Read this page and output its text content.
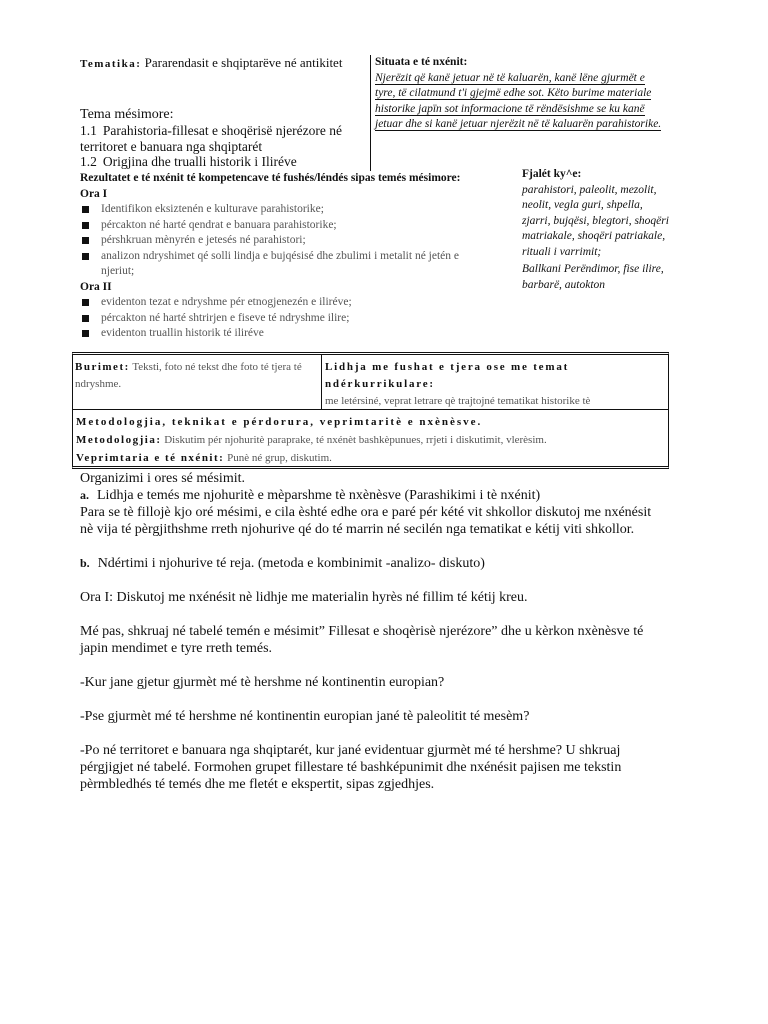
Tematika: Pararendasit e shqiptarëve né antikitet
Tema mésimore:
1.1 Parahistoria-fillesat e shoqërisë njerézore né territoret e banuara nga shqiptarét
1.2 Origjina dhe trualli historik i Iliréve
Situata e té nxénit:
Njerëzit që kanë jetuar në të kaluarën, kanë lëne gjurmët e tyre, të cilatmund t'i gjejmë edhe sot. Këto burime materiale historike japïn sot informacione të rëndësishme se ku kanë jetuar dhe si kanë jetuar njerëzit në të kaluarën parahistorike.
Rezultatet e té nxénit té kompetencave té fushés/léndés sipas temés mésimore:
Ora I
Identifikon eksiztenén e kulturave parahistorike;
pércakton né harté qendrat e banuara parahistorike;
pérshkruan mènyrén e jetesés né parahistori;
analizon ndryshimet qé solli lindja e bujqésisé dhe zbulimi i metalit né jetén e njeriut;
Ora II
evidenton tezat e ndryshme pér etnogjenezén e iliréve;
pércakton né harté shtrirjen e fiseve té ndryshme ilire;
evidenton truallin historik té iliréve
Fjalét ky^e:
parahistori, paleolit, mezolit, neolit, vegla guri, shpella, zjarri, bujqësi, blegtori, shoqëri matriakale, shoqëri patriakale, rituali i varrimit;
Ballkani Perëndimor, fise ilire, barbarë, autokton
Burimet: Teksti, foto né tekst dhe foto té tjera té ndryshme.
Lidhja me fushat e tjera ose me temat ndérkurrikulare:
me letérsiné, veprat letrare qè trajtojné tematikat historike tè
Metodologjia, teknikat e pérdorura, veprimtaritè e nxènèsve.
Metodologjia: Diskutim pér njohuritè paraprake, té nxénèt bashkèpunues, rrjeti i diskutimit, vlerèsim.
Veprimtaria e té nxénit: Punè né grup, diskutim.

Organizimi i ores sé mésimit.

a. Lidhja e temés me njohuritè e mèparshme tè nxènèsve (Parashikimi i tè nxénit)

Para se tè fillojè kjo oré mésimi, e cila èshté edhe ora e paré pér kété vit shkollor diskutoj me nxénésit nè vija té pèrgjithshme rreth njohurive qé do té marrin né secilén nga tematikat e kétij viti shkollor.

b. Ndértimi i njohurive té reja. (metoda e kombinimit -analizo- diskuto)

Ora I: Diskutoj me nxénésit nè lidhje me materialin hyrès né fillim té kétij kreu.

Mé pas, shkruaj né tabelé temén e mésimit” Fillesat e shoqèrisè njerézore” dhe u kèrkon nxènèsve té japin mendimet e tyre rreth temés.

-Kur jane gjetur gjurmèt mé tè hershme né kontinentin europian?

-Pse gjurmèt mé té hershme né kontinentin europian jané tè paleolitit té mesèm?

-Po né territoret e banuara nga shqiptarét, kur jané evidentuar gjurmèt mé té hershme? U shkruaj pérgjigjet né tabelé. Formohen grupet fillestare té bashképunimit dhe nxénésit pajisen me tekstin pèrmbledhés té temés dhe me fletét e ekspertit, sipas zgjedhjes.
